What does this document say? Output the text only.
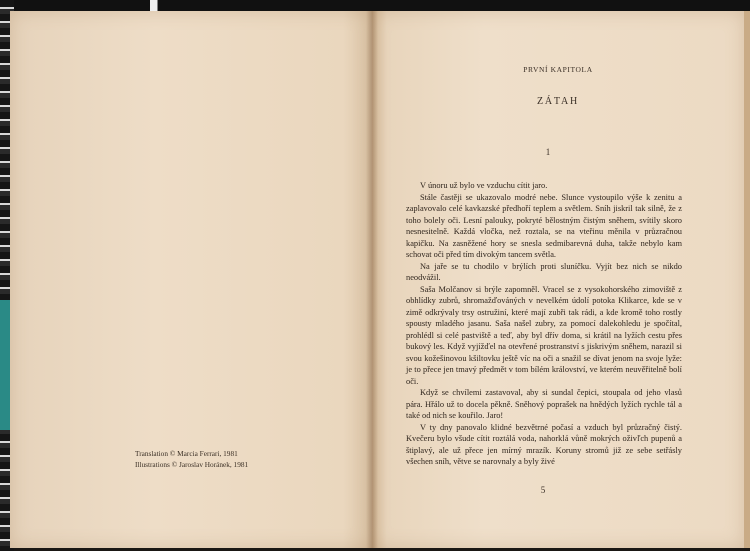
Translation © Marcia Ferrari, 1981
Illustrations © Jaroslav Horánek, 1981
PRVNÍ KAPITOLA
ZÁTAH
1

V únoru už bylo ve vzduchu cítit jaro.

Stále častěji se ukazovalo modré nebe. Slunce vystoupilo výše k zenitu a zaplavovalo celé kavkazské předhoří teplem a světlem. Sníh jiskril tak silně, že z toho bolely oči. Lesní palouky, pokryté bělostným čistým sněhem, svítily skoro nesnesitelně. Každá vločka, než roztala, se na vteřinu měnila v průzračnou kapičku. Na zasněžené hory se snesla sedmibarevná duha, takže nebylo kam schovat oči před tím divokým tancem světla.

Na jaře se tu chodilo v brýlích proti sluníčku. Vyjít bez nich se nikdo neodvážil.

Saša Molčanov si brýle zapomněl. Vracel se z vysokohorského zimoviště z obhlídky zubrů, shromažďováných v nevelkém údolí potoka Klikarce, kde se v zimě odkrývaly trsy ostružiní, které mají zubři tak rádi, a kde kromě toho rostly spousty mladého jasanu. Saša našel zubry, za pomocí dalekohledu je spočítal, prohlédl si celé pastviště a teď, aby byl dřív doma, si krátil na lyžích cestu přes bukový les. Když vyjížďel na otevřené prostranství s jiskrivým sněhem, narazil si svou kožešinovou kšiltovku ještě víc na oči a snažil se dívat jenom na svoje lyže: je to přece jen tmavý předmět v tom bílém království, ve kterém neuvěřitelně bolí oči.

Když se chvílemi zastavoval, aby si sundal čepici, stoupala od jeho vlasů pára. Hřálo už to docela pěkně. Sněhový poprašek na hnědých lyžích rychle tál a také od nich se kouřilo. Jaro!

V ty dny panovalo klidné bezvětrné počasí a vzduch byl průzračný čistý. Kvečeru bylo všude cítit roztálá voda, nahorklá vůně mokrých oživľch pupenů a štiplavý, ale už přece jen mírný mrazík. Koruny stromů již ze sebe setřásly všechen sníh, větve se narovnaly a byly živé

5
